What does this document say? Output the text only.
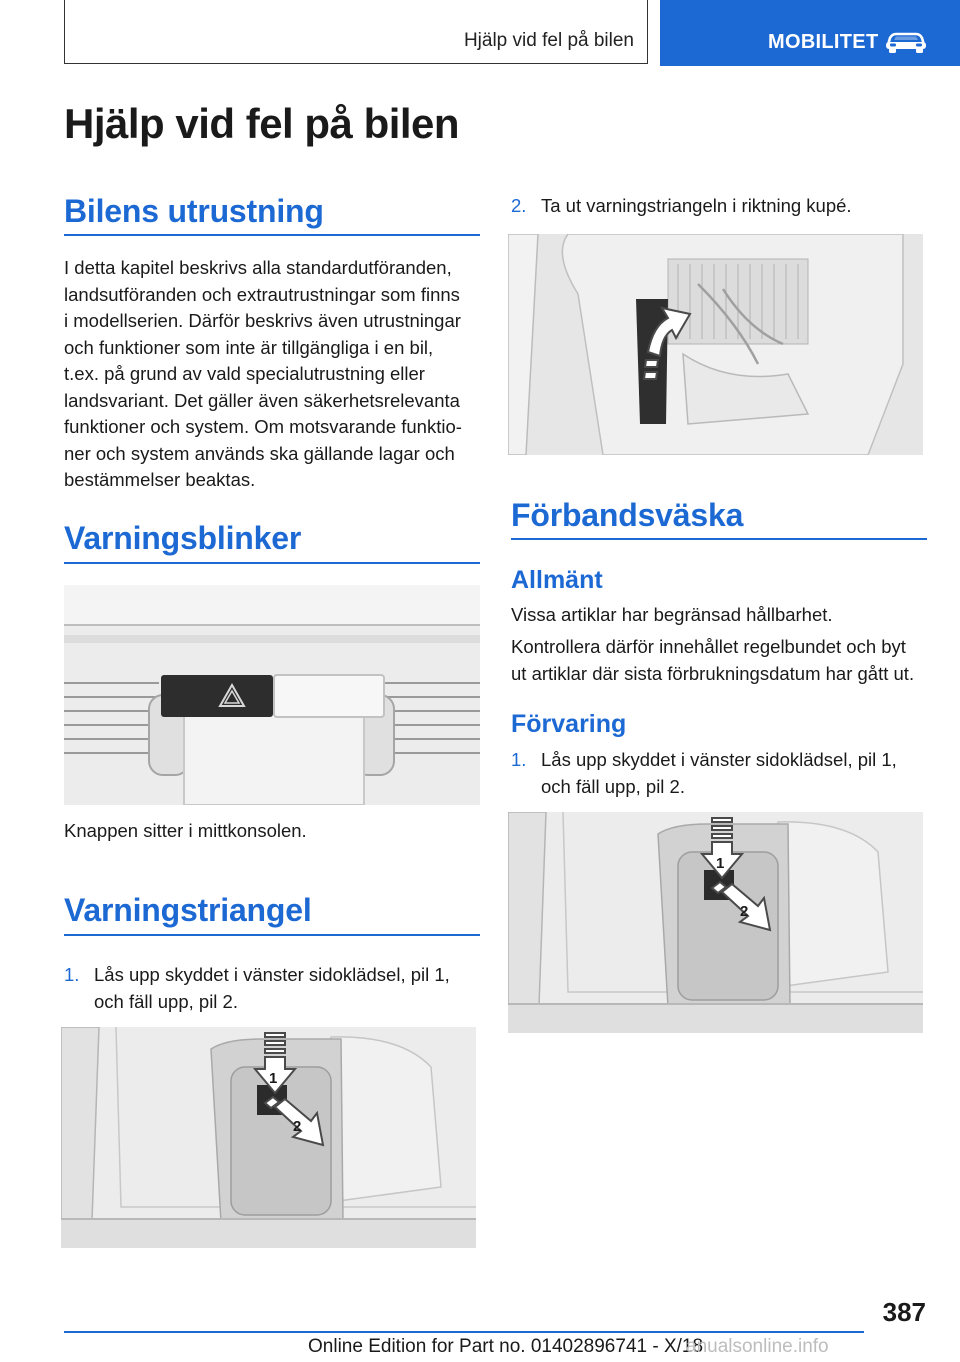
Hjälp vid fel på bilen	MOBILITET
Hjälp vid fel på bilen
Bilens utrustning
I detta kapitel beskrivs alla standardutföranden,
landsutföranden och extrautrustningar som finns
i modellserien. Därför beskrivs även utrustningar
och funktioner som inte är tillgängliga i en bil,
t.ex. på grund av vald specialutrustning eller
landsvariant. Det gäller även säkerhetsrelevanta
funktioner och system. Om motsvarande funktio‐
ner och system används ska gällande lagar och
bestämmelser beaktas.
Varningsblinker
Knappen sitter i mittkonsolen.
Varningstriangel
1. Lås upp skyddet i vänster sidoklädsel, pil 1,
och fäll upp, pil 2.
1
2
2. Ta ut varningstriangeln i riktning kupé.
Förbandsväska
Allmänt
Vissa artiklar har begränsad hållbarhet.
Kontrollera därför innehållet regelbundet och byt
ut artiklar där sista förbrukningsdatum har gått ut.
Förvaring
1. Lås upp skyddet i vänster sidoklädsel, pil 1,
och fäll upp, pil 2.
1
2
387
Online Edition for Part no. 01402896741 - X/18
anualsonline.info
